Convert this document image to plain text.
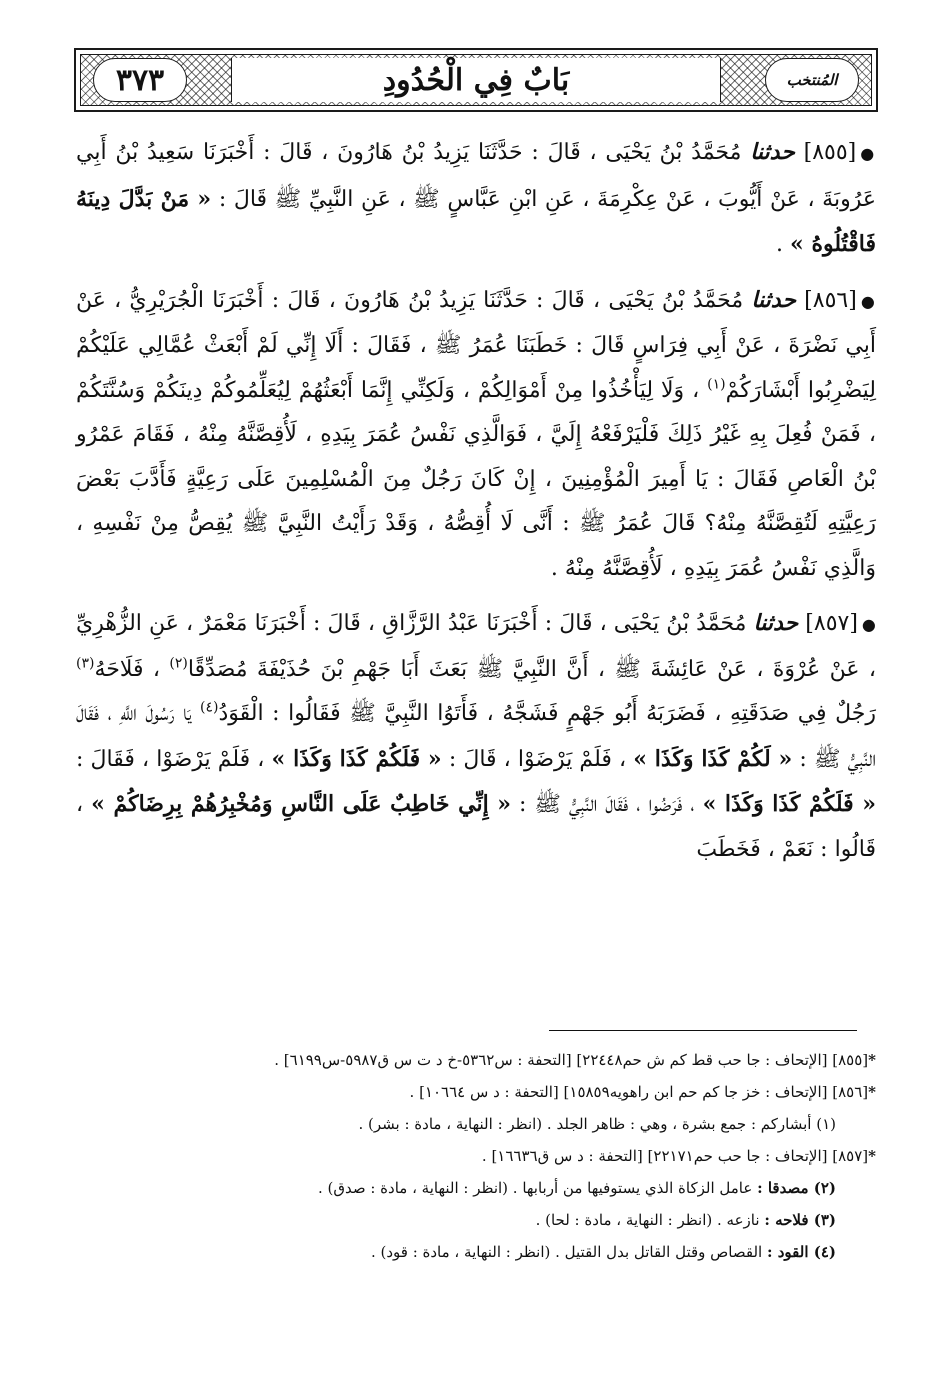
المُنتخب
بَابٌ فِي الْحُدُودِ
٣٧٣

●[٨٥٥] حدثنا مُحَمَّدُ بْنُ يَحْيَى ، قَالَ : حَدَّثَنَا يَزِيدُ بْنُ هَارُونَ ، قَالَ : أَخْبَرَنَا سَعِيدُ بْنُ أَبِي عَرُوبَةَ ، عَنْ أَيُّوبَ ، عَنْ عِكْرِمَةَ ، عَنِ ابْنِ عَبَّاسٍ ﷺ ، عَنِ النَّبِيِّ ﷺ قَالَ : « مَنْ بَدَّلَ دِينَهُ فَاقْتُلُوهُ » .

●[٨٥٦] حدثنا مُحَمَّدُ بْنُ يَحْيَى ، قَالَ : حَدَّثَنَا يَزِيدُ بْنُ هَارُونَ ، قَالَ : أَخْبَرَنَا الْجُرَيْرِيُّ ، عَنْ أَبِي نَضْرَةَ ، عَنْ أَبِي فِرَاسٍ قَالَ : خَطَبَنَا عُمَرُ ﷺ ، فَقَالَ : أَلَا إِنِّي لَمْ أَبْعَثْ عُمَّالِي عَلَيْكُمْ لِيَضْرِبُوا أَبْشَارَكُمْ$^{(١)}$ ، وَلَا لِيَأْخُذُوا مِنْ أَمْوَالِكُمْ ، وَلَكِنِّي إِنَّمَا أَبْعَثُهُمْ لِيُعَلِّمُوكُمْ دِينَكُمْ وَسُنَّتَكُمْ ، فَمَنْ فُعِلَ بِهِ غَيْرُ ذَلِكَ فَلْيَرْفَعْهُ إِلَيَّ ، فَوَالَّذِي نَفْسُ عُمَرَ بِيَدِهِ ، لَأُقِصَّنَّهُ مِنْهُ ، فَقَامَ عَمْرُو بْنُ الْعَاصِ فَقَالَ : يَا أَمِيرَ الْمُؤْمِنِينَ ، إِنْ كَانَ رَجُلٌ مِنَ الْمُسْلِمِينَ عَلَى رَعِيَّةٍ فَأَدَّبَ بَعْضَ رَعِيَّتِهِ لَتُقِصَّنَّهُ مِنْهُ؟ قَالَ عُمَرُ ﷺ : أَنَّى لَا أُقِصُّهُ ، وَقَدْ رَأَيْتُ النَّبِيَّ ﷺ يُقِصُّ مِنْ نَفْسِهِ ، وَالَّذِي نَفْسُ عُمَرَ بِيَدِهِ ، لَأُقِصَّنَّهُ مِنْهُ .

●[٨٥٧] حدثنا مُحَمَّدُ بْنُ يَحْيَى ، قَالَ : أَخْبَرَنَا عَبْدُ الرَّزَّاقِ ، قَالَ : أَخْبَرَنَا مَعْمَرٌ ، عَنِ الزُّهْرِيِّ ، عَنْ عُرْوَةَ ، عَنْ عَائِشَةَ ﷺ ، أَنَّ النَّبِيَّ ﷺ بَعَثَ أَبَا جَهْمِ بْنَ حُذَيْفَةَ مُصَدِّقًا$^{(٢)}$ ، فَلَاحَهُ$^{(٣)}$ رَجُلٌ فِي صَدَقَتِهِ ، فَضَرَبَهُ أَبُو جَهْمٍ فَشَجَّهُ ، فَأَتَوُا النَّبِيَّ ﷺ فَقَالُوا : الْقَوَدُ$^{(٤)}$ يَا رَسُولَ اللَّهِ ، فَقَالَ النَّبِيُّ ﷺ : « لَكُمْ كَذَا وَكَذَا » ، فَلَمْ يَرْضَوْا ، قَالَ : « فَلَكُمْ كَذَا وَكَذَا » ، فَلَمْ يَرْضَوْا ، فَقَالَ : « فَلَكُمْ كَذَا وَكَذَا » ، فَرَضُوا ، فَقَالَ النَّبِيُّ ﷺ : « إِنِّي خَاطِبٌ عَلَى النَّاسِ وَمُخْبِرُهُمْ بِرِضَاكُمْ » ، قَالُوا : نَعَمْ ، فَخَطَبَ

*[٨٥٥] [الإتحاف : جا حب قط كم ش حم٢٢٤٤٨] [التحفة : س٥٣٦٢-خ د ت س ق٥٩٨٧-س٦١٩٩] .
*[٨٥٦] [الإتحاف : خز جا كم حم ابن راهويه١٥٨٥٩] [التحفة : د س ١٠٦٦٤] .
(١) أبشاركم : جمع بشرة ، وهي : ظاهر الجلد . (انظر : النهاية ، مادة : بشر) .
*[٨٥٧] [الإتحاف : جا حب حم٢٢١٧١] [التحفة : د س ق١٦٦٣٦] .
(٢) مصدقا : عامل الزكاة الذي يستوفيها من أربابها . (انظر : النهاية ، مادة : صدق) .
(٣) فلاحه : نازعه . (انظر : النهاية ، مادة : لحا) .
(٤) القود : القصاص وقتل القاتل بدل القتيل . (انظر : النهاية ، مادة : قود) .
